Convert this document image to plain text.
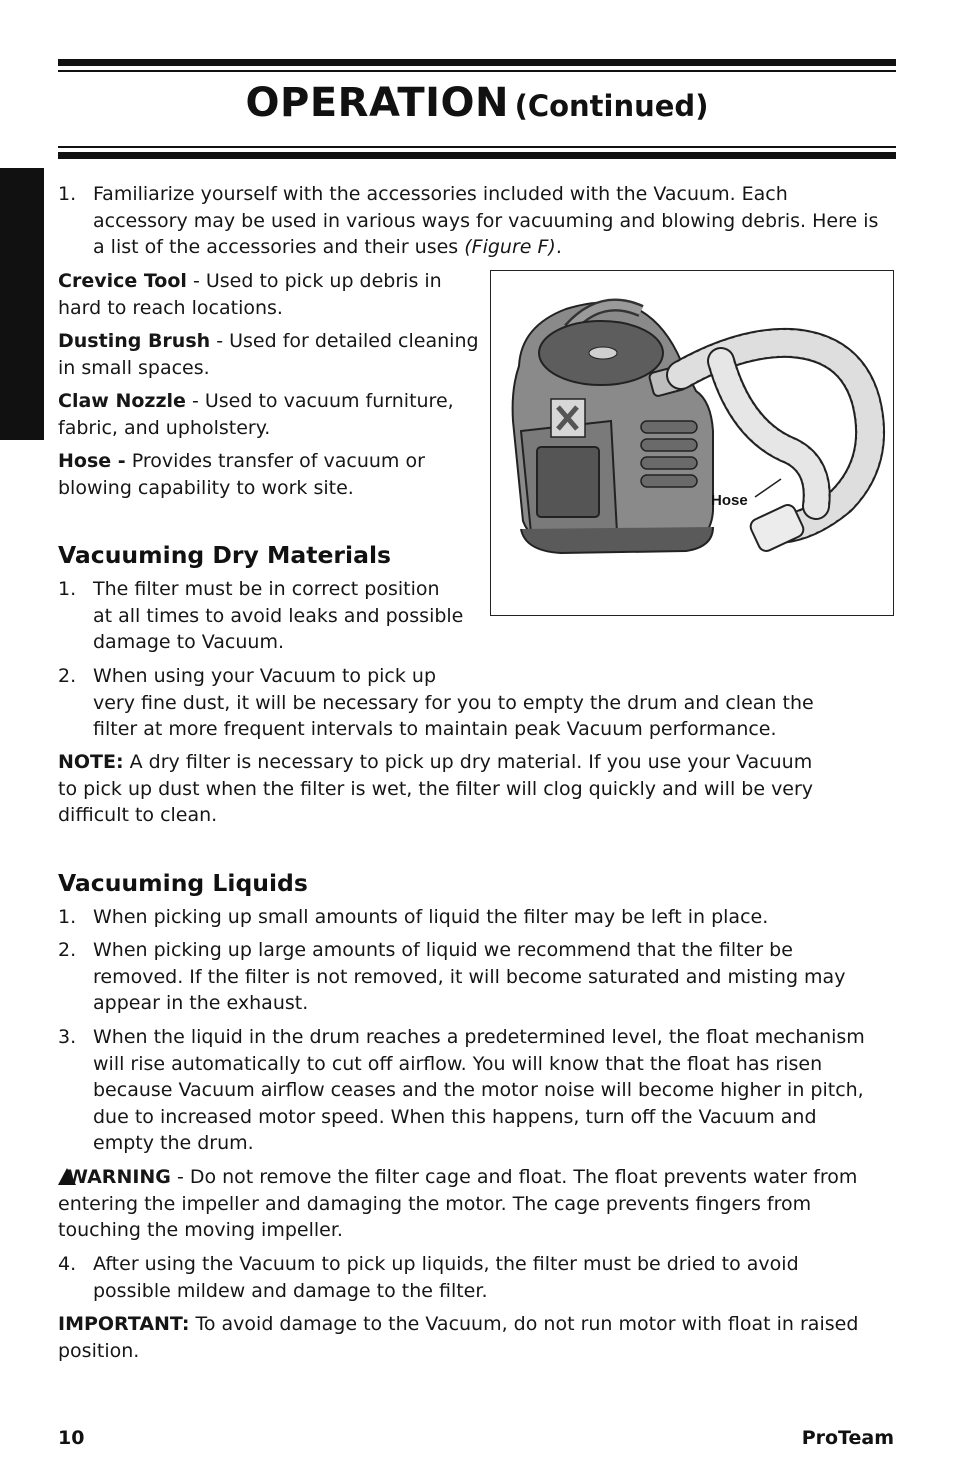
OPERATION (Continued)
1. Familiarize yourself with the accessories included with the Vacuum. Each
accessory may be used in various ways for vacuuming and blowing debris. Here is
a list of the accessories and their uses (Figure F).
Crevice Tool - Used to pick up debris in
hard to reach locations.
Dusting Brush - Used for detailed cleaning
in small spaces.
Claw Nozzle - Used to vacuum furniture,
fabric, and upholstery.
Hose - Provides transfer of vacuum or
blowing capability to work site.
Hose
Vacuuming Dry Materials
1. The filter must be in correct position
at all times to avoid leaks and possible
damage to Vacuum.
2. When using your Vacuum to pick up
very fine dust, it will be necessary for you to empty the drum and clean the
filter at more frequent intervals to maintain peak Vacuum performance.
NOTE: A dry filter is necessary to pick up dry material. If you use your Vacuum
to pick up dust when the filter is wet, the filter will clog quickly and will be very
difficult to clean.
Vacuuming Liquids
1. When picking up small amounts of liquid the filter may be left in place.
2. When picking up large amounts of liquid we recommend that the filter be
removed. If the filter is not removed, it will become saturated and misting may
appear in the exhaust.
3. When the liquid in the drum reaches a predetermined level, the float mechanism
will rise automatically to cut off airflow. You will know that the float has risen
because Vacuum airflow ceases and the motor noise will become higher in pitch,
due to increased motor speed. When this happens, turn off the Vacuum and
empty the drum.
WARNING - Do not remove the filter cage and float. The float prevents water from
entering the impeller and damaging the motor. The cage prevents fingers from
touching the moving impeller.
4. After using the Vacuum to pick up liquids, the filter must be dried to avoid
possible mildew and damage to the filter.
IMPORTANT: To avoid damage to the Vacuum, do not run motor with float in raised
position.
10	ProTeam
